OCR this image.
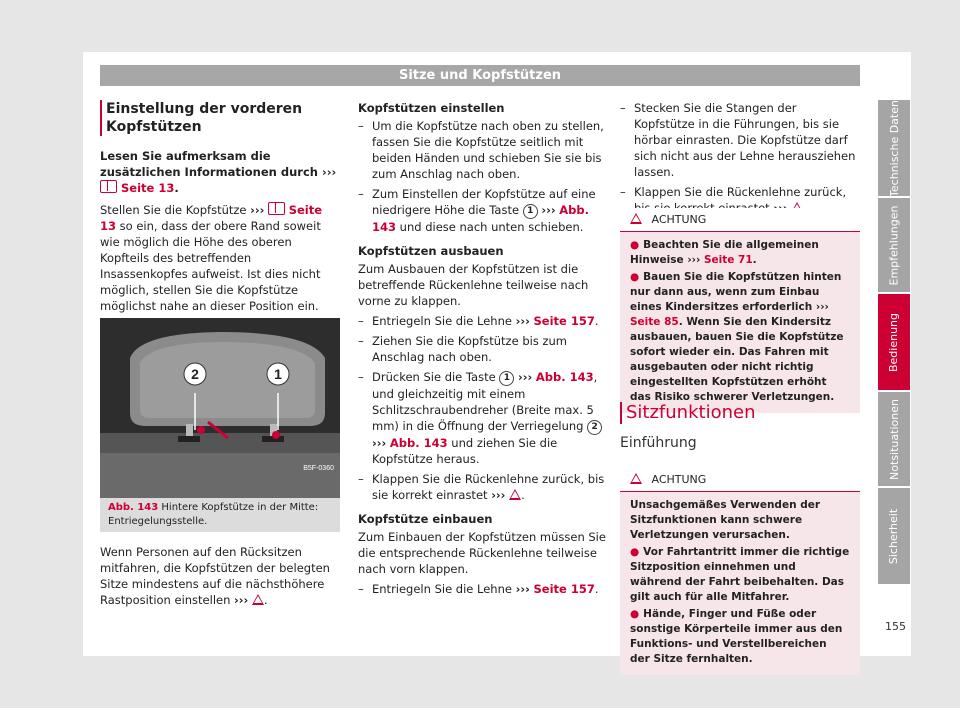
Sitze und Kopfstützen
Einstellung der vorderen Kopfstützen

Lesen Sie aufmerksam die zusätzlichen Informationen durch ›››  Seite 13.

Stellen Sie die Kopfstütze ››› Seite 13 so ein, dass der obere Rand soweit wie möglich die Höhe des oberen Kopfteils des betreffenden Insassenkopfes aufweist. Ist dies nicht möglich, stellen Sie die Kopfstütze möglichst nahe an dieser Position ein.

2	1
B5F-0360
Abb. 143 Hintere Kopfstütze in der Mitte: Entriegelungsstelle.

Wenn Personen auf den Rücksitzen mitfahren, die Kopfstützen der belegten Sitze mindestens auf die nächsthöhere Rastposition einstellen ››› .

Kopfstützen einstellen
– Um die Kopfstütze nach oben zu stellen, fassen Sie die Kopfstütze seitlich mit beiden Händen und schieben Sie sie bis zum Anschlag nach oben.
– Zum Einstellen der Kopfstütze auf eine niedrigere Höhe die Taste 1 ››› Abb. 143 und diese nach unten schieben.
Kopfstützen ausbauen

Zum Ausbauen der Kopfstützen ist die betreffende Rückenlehne teilweise nach vorne zu klappen.

– Entriegeln Sie die Lehne ››› Seite 157.
– Ziehen Sie die Kopfstütze bis zum Anschlag nach oben.
– Drücken Sie die Taste 1 ››› Abb. 143, und gleichzeitig mit einem Schlitzschraubendreher (Breite max. 5 mm) in die Öffnung der Verriegelung 2 ››› Abb. 143 und ziehen Sie die Kopfstütze heraus.
– Klappen Sie die Rückenlehne zurück, bis sie korrekt einrastet ››› .
Kopfstütze einbauen

Zum Einbauen der Kopfstützen müssen Sie die entsprechende Rückenlehne teilweise nach vorn klappen.

– Entriegeln Sie die Lehne ››› Seite 157.
– Stecken Sie die Stangen der Kopfstütze in die Führungen, bis sie hörbar einrasten. Die Kopfstütze darf sich nicht aus der Lehne herausziehen lassen.
– Klappen Sie die Rückenlehne zurück,
ACHTUNG
● Beachten Sie die allgemeinen Hinweise ››› Seite 71.
● Bauen Sie die Kopfstützen hinten nur dann aus, wenn zum Einbau eines Kindersitzes erforderlich ››› Seite 85. Wenn Sie den Kindersitz ausbauen, bauen Sie die Kopfstütze sofort wieder ein. Das Fahren mit ausgebauten oder nicht richtig eingestellten Kopfstützen erhöht das Risiko schwerer Verletzungen.
Sitzfunktionen
Einführung
ACHTUNG
Unsachgemäßes Verwenden der Sitzfunktionen kann schwere Verletzungen verursachen.
● Vor Fahrtantritt immer die richtige Sitzposition einnehmen und während der Fahrt beibehalten. Das gilt auch für alle Mitfahrer.
● Hände, Finger und Füße oder sonstige Körperteile immer aus den Funktions- und Verstellbereichen der Sitze fernhalten.
Technische Daten
Empfehlungen
Bedienung
Notsituationen
Sicherheit
155
